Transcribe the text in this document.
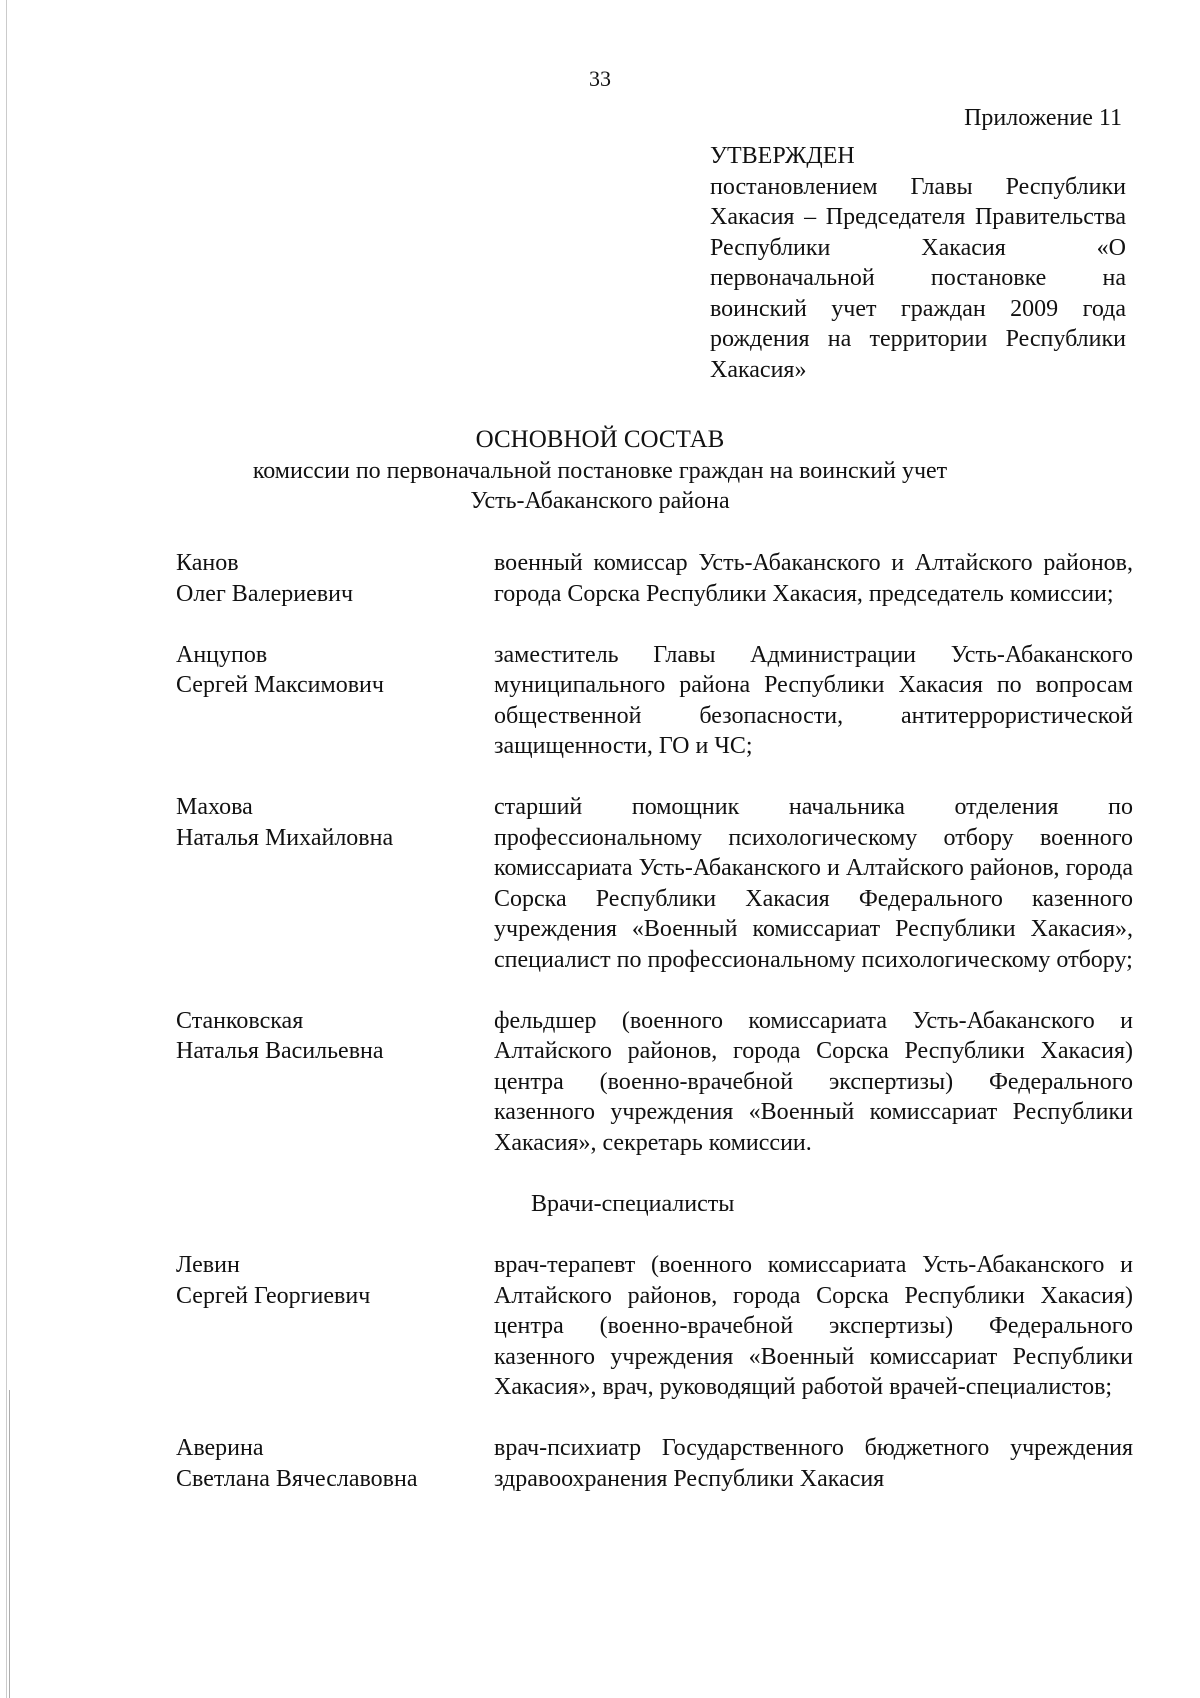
33
Приложение 11
УТВЕРЖДЕН
постановлением Главы Республики Хакасия – Председателя Правительства Республики Хакасия «О первоначальной постановке на воинский учет граждан 2009 года рождения на территории Республики Хакасия»
ОСНОВНОЙ СОСТАВ
комиссии по первоначальной постановке граждан на воинский учет
Усть-Абаканского района
Канов
Олег Валериевич
военный комиссар Усть-Абаканского и Алтайского районов, города Сорска Республики Хакасия, председатель комиссии;
Анцупов
Сергей Максимович
заместитель Главы Администрации Усть-Абаканского муниципального района Республики Хакасия по вопросам общественной безопасности, антитеррористической защищенности, ГО и ЧС;
Махова
Наталья Михайловна
старший помощник начальника отделения по профессиональному психологическому отбору военного комиссариата Усть-Абаканского и Алтайского районов, города Сорска Республики Хакасия Федерального казенного учреждения «Военный комиссариат Республики Хакасия», специалист по профессиональному психологическому отбору;
Станковская
Наталья Васильевна
фельдшер (военного комиссариата Усть-Абаканского и Алтайского районов, города Сорска Республики Хакасия) центра (военно-врачебной экспертизы) Федерального казенного учреждения «Военный комиссариат Республики Хакасия», секретарь комиссии.
Врачи-специалисты
Левин
Сергей Георгиевич
врач-терапевт (военного комиссариата Усть-Абаканского и Алтайского районов, города Сорска Республики Хакасия) центра (военно-врачебной экспертизы) Федерального казенного учреждения «Военный комиссариат Республики Хакасия», врач, руководящий работой врачей-специалистов;
Аверина
Светлана Вячеславовна
врач-психиатр Государственного бюджетного учреждения здравоохранения Республики Хакасия
